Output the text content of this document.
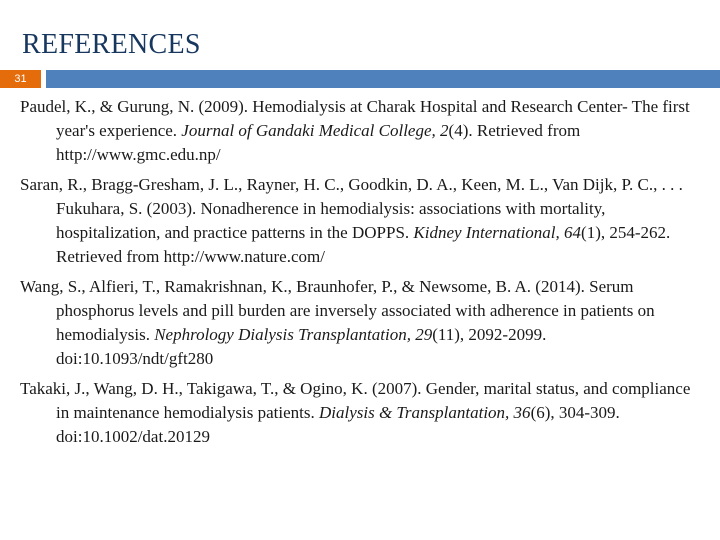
REFERENCES
31

Paudel, K., & Gurung, N. (2009). Hemodialysis at Charak Hospital and Research Center- The first year's experience. Journal of Gandaki Medical College, 2(4). Retrieved from http://www.gmc.edu.np/

Saran, R., Bragg-Gresham, J. L., Rayner, H. C., Goodkin, D. A., Keen, M. L., Van Dijk, P. C., . . . Fukuhara, S. (2003). Nonadherence in hemodialysis: associations with mortality, hospitalization, and practice patterns in the DOPPS. Kidney International, 64(1), 254-262. Retrieved from http://www.nature.com/

Wang, S., Alfieri, T., Ramakrishnan, K., Braunhofer, P., & Newsome, B. A. (2014). Serum phosphorus levels and pill burden are inversely associated with adherence in patients on hemodialysis. Nephrology Dialysis Transplantation, 29(11), 2092-2099. doi:10.1093/ndt/gft280

Takaki, J., Wang, D. H., Takigawa, T., & Ogino, K. (2007). Gender, marital status, and compliance in maintenance hemodialysis patients. Dialysis & Transplantation, 36(6), 304-309. doi:10.1002/dat.20129
